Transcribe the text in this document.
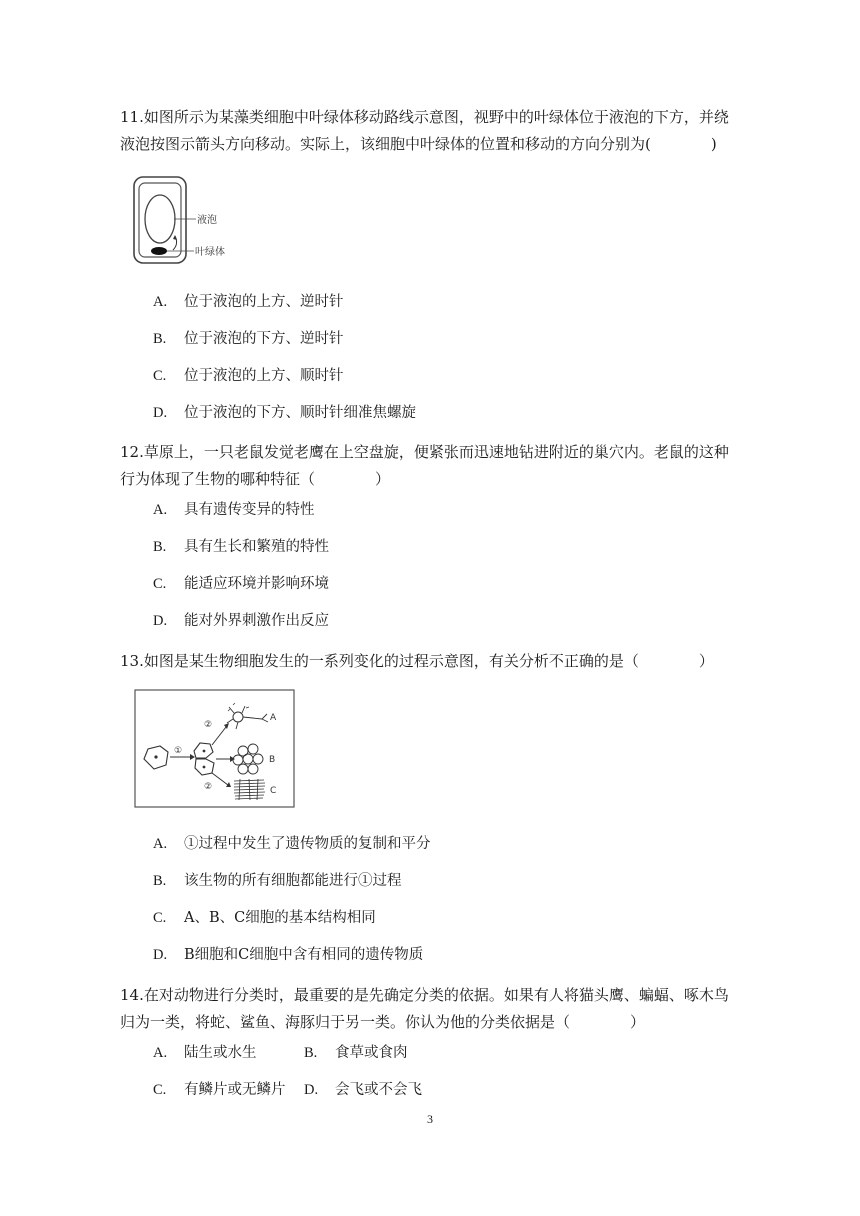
11.如图所示为某藻类细胞中叶绿体移动路线示意图，视野中的叶绿体位于液泡的下方，并绕液泡按图示箭头方向移动。实际上，该细胞中叶绿体的位置和移动的方向分别为(　　　　)
液泡
叶绿体
A. 位于液泡的上方、逆时针
B. 位于液泡的下方、逆时针
C. 位于液泡的上方、顺时针
D. 位于液泡的下方、顺时针细准焦螺旋
12.草原上，一只老鼠发觉老鹰在上空盘旋，便紧张而迅速地钻进附近的巢穴内。老鼠的这种行为体现了生物的哪种特征（　　　　）
A. 具有遗传变异的特性
B. 具有生长和繁殖的特性
C. 能适应环境并影响环境
D. 能对外界刺激作出反应
13.如图是某生物细胞发生的一系列变化的过程示意图，有关分析不正确的是（　　　　）
①
②
②
A
B
C
A. ①过程中发生了遗传物质的复制和平分
B. 该生物的所有细胞都能进行①过程
C. A、B、C细胞的基本结构相同
D. B细胞和C细胞中含有相同的遗传物质
14.在对动物进行分类时，最重要的是先确定分类的依据。如果有人将猫头鹰、蝙蝠、啄木鸟归为一类，将蛇、鲨鱼、海豚归于另一类。你认为他的分类依据是（　　　　）
A. 陆生或水生	B. 食草或食肉
C. 有鳞片或无鳞片 D. 会飞或不会飞
3
